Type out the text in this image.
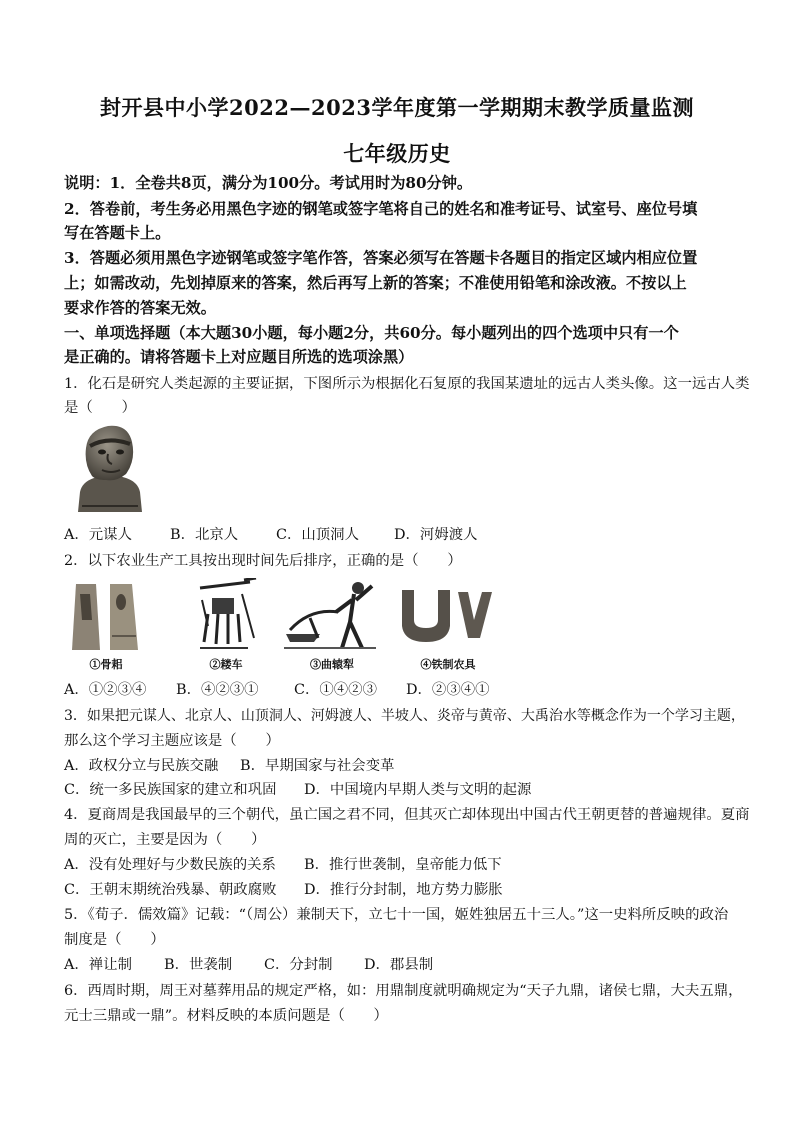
封开县中小学2022—2023学年度第一学期期末教学质量监测
七年级历史
说明：1．全卷共8页，满分为100分。考试用时为80分钟。
2．答卷前，考生务必用黑色字迹的钢笔或签字笔将自己的姓名和准考证号、试室号、座位号填
写在答题卡上。
3．答题必须用黑色字迹钢笔或签字笔作答，答案必须写在答题卡各题目的指定区域内相应位置
上；如需改动，先划掉原来的答案，然后再写上新的答案；不准使用铅笔和涂改液。不按以上
要求作答的答案无效。
一、单项选择题（本大题30小题，每小题2分，共60分。每小题列出的四个选项中只有一个
是正确的。请将答题卡上对应题目所选的选项涂黑）
1．化石是研究人类起源的主要证据，下图所示为根据化石复原的我国某遗址的远古人类头像。这一远古人类
是（　　）
A．元谋人	B．北京人	C．山顶洞人 D．河姆渡人
2．以下农业生产工具按出现时间先后排序，正确的是（　　）
①骨耜	②耧车	③曲辕犁	④铁制农具
A．①②③④ B．④②③① C．①④②③ D．②③④①
3．如果把元谋人、北京人、山顶洞人、河姆渡人、半坡人、炎帝与黄帝、大禹治水等概念作为一个学习主题，
那么这个学习主题应该是（　　）
A．政权分立与民族交融 B．早期国家与社会变革
C．统一多民族国家的建立和巩固 D．中国境内早期人类与文明的起源
4．夏商周是我国最早的三个朝代，虽亡国之君不同，但其灭亡却体现出中国古代王朝更替的普遍规律。夏商
周的灭亡，主要是因为（　　）
A．没有处理好与少数民族的关系 B．推行世袭制，皇帝能力低下
C．王朝末期统治残暴、朝政腐败 D．推行分封制，地方势力膨胀
5．《荀子．儒效篇》记载：“（周公）兼制天下，立七十一国，姬姓独居五十三人。”这一史料所反映的政治
制度是（　　）
A．禅让制 B．世袭制 C．分封制 D．郡县制
6．西周时期，周王对墓葬用品的规定严格，如：用鼎制度就明确规定为“天子九鼎，诸侯七鼎，大夫五鼎，
元士三鼎或一鼎”。材料反映的本质问题是（　　）
